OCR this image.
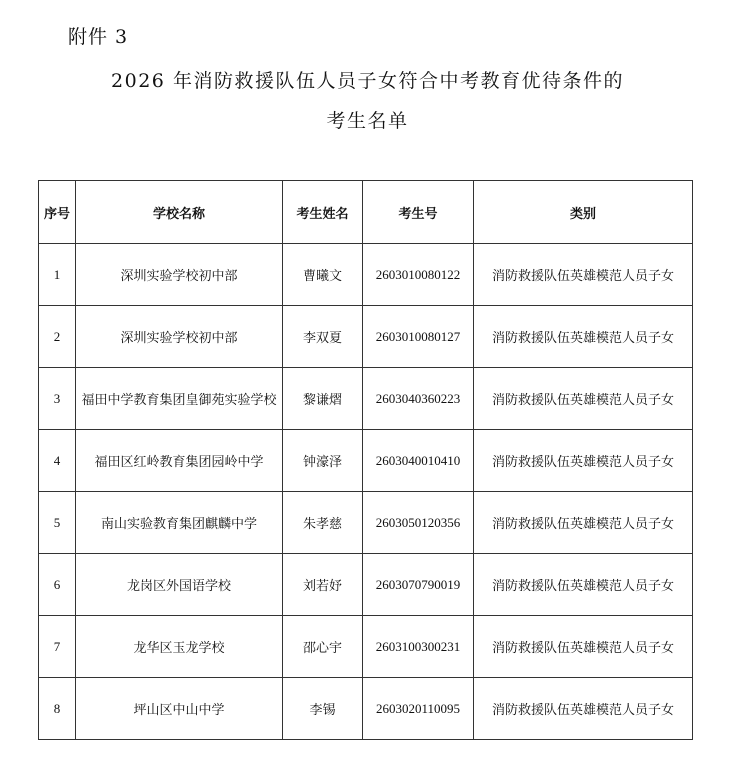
附件 3
2026 年消防救援队伍人员子女符合中考教育优待条件的
考生名单
序号	学校名称	考生姓名	考生号	类别
1	深圳实验学校初中部	曹曦文	2603010080122	消防救援队伍英雄模范人员子女
2	深圳实验学校初中部	李双夏	2603010080127	消防救援队伍英雄模范人员子女
3	福田中学教育集团皇御苑实验学校	黎谦熠	2603040360223	消防救援队伍英雄模范人员子女
4	福田区红岭教育集团园岭中学	钟濠泽	2603040010410	消防救援队伍英雄模范人员子女
5	南山实验教育集团麒麟中学	朱孝慈	2603050120356	消防救援队伍英雄模范人员子女
6	龙岗区外国语学校	刘若妤	2603070790019	消防救援队伍英雄模范人员子女
7	龙华区玉龙学校	邵心宇	2603100300231	消防救援队伍英雄模范人员子女
8	坪山区中山中学	李锡	2603020110095	消防救援队伍英雄模范人员子女
